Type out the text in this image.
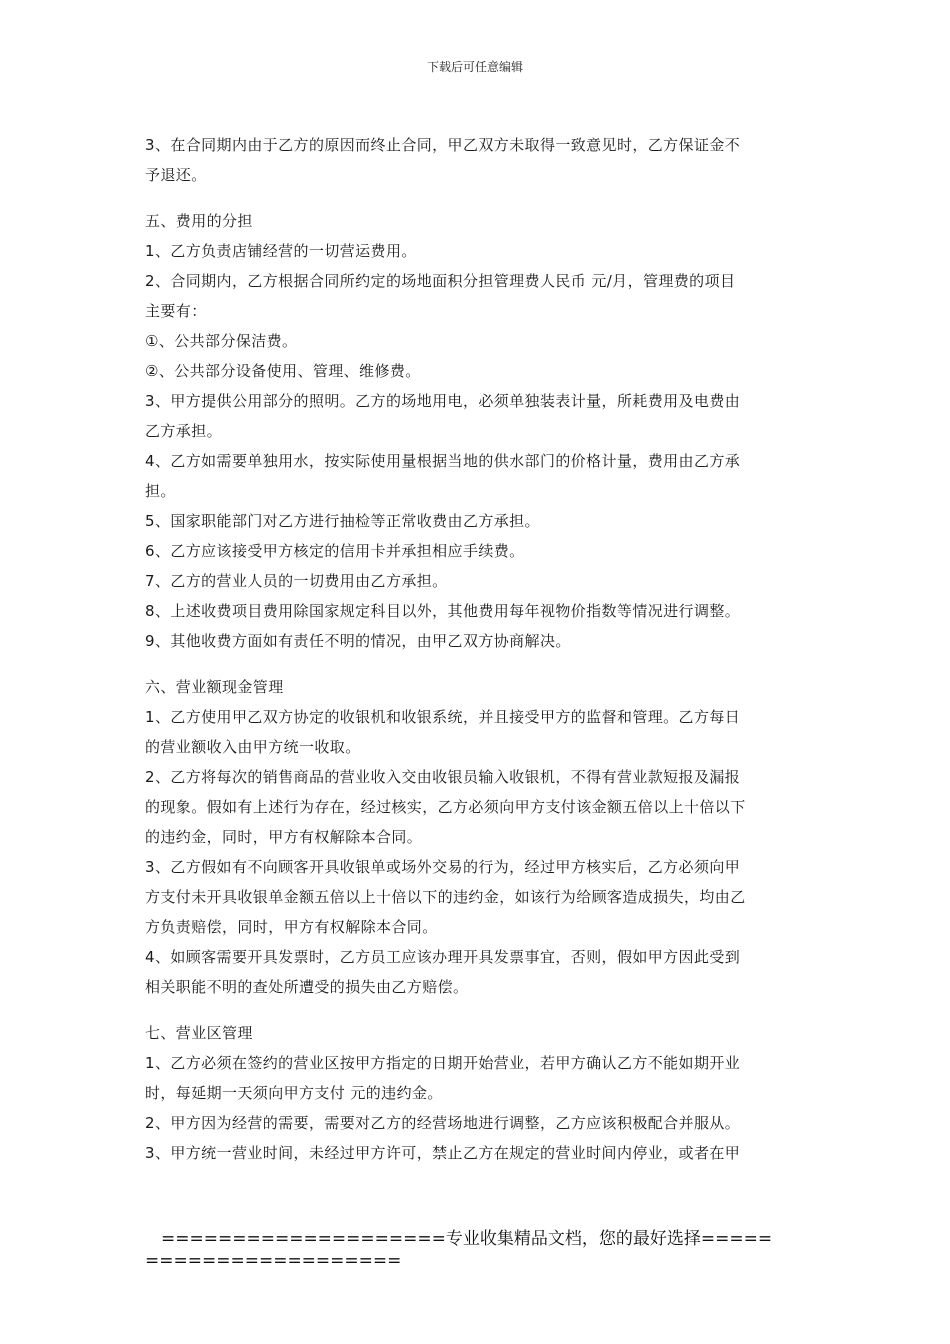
下载后可任意编辑
3、在合同期内由于乙方的原因而终止合同，甲乙双方未取得一致意见时，乙方保证金不
予退还。
五、费用的分担
1、乙方负责店铺经营的一切营运费用。
2、合同期内，乙方根据合同所约定的场地面积分担管理费人民币 元/月，管理费的项目
主要有：
①、公共部分保洁费。
②、公共部分设备使用、管理、维修费。
3、甲方提供公用部分的照明。乙方的场地用电，必须单独装表计量，所耗费用及电费由
乙方承担。
4、乙方如需要单独用水，按实际使用量根据当地的供水部门的价格计量，费用由乙方承
担。
5、国家职能部门对乙方进行抽检等正常收费由乙方承担。
6、乙方应该接受甲方核定的信用卡并承担相应手续费。
7、乙方的营业人员的一切费用由乙方承担。
8、上述收费项目费用除国家规定科目以外，其他费用每年视物价指数等情况进行调整。
9、其他收费方面如有责任不明的情况，由甲乙双方协商解决。
六、营业额现金管理
1、乙方使用甲乙双方协定的收银机和收银系统，并且接受甲方的监督和管理。乙方每日
的营业额收入由甲方统一收取。
2、乙方将每次的销售商品的营业收入交由收银员输入收银机，不得有营业款短报及漏报
的现象。假如有上述行为存在，经过核实，乙方必须向甲方支付该金额五倍以上十倍以下
的违约金，同时，甲方有权解除本合同。
3、乙方假如有不向顾客开具收银单或场外交易的行为，经过甲方核实后，乙方必须向甲
方支付未开具收银单金额五倍以上十倍以下的违约金，如该行为给顾客造成损失，均由乙
方负责赔偿，同时，甲方有权解除本合同。
4、如顾客需要开具发票时，乙方员工应该办理开具发票事宜，否则，假如甲方因此受到
相关职能不明的查处所遭受的损失由乙方赔偿。
七、营业区管理
1、乙方必须在签约的营业区按甲方指定的日期开始营业，若甲方确认乙方不能如期开业
时，每延期一天须向甲方支付 元的违约金。
2、甲方因为经营的需要，需要对乙方的经营场地进行调整，乙方应该积极配合并服从。
3、甲方统一营业时间，未经过甲方许可，禁止乙方在规定的营业时间内停业，或者在甲
====================专业收集精品文档，您的最好选择=====
==================
